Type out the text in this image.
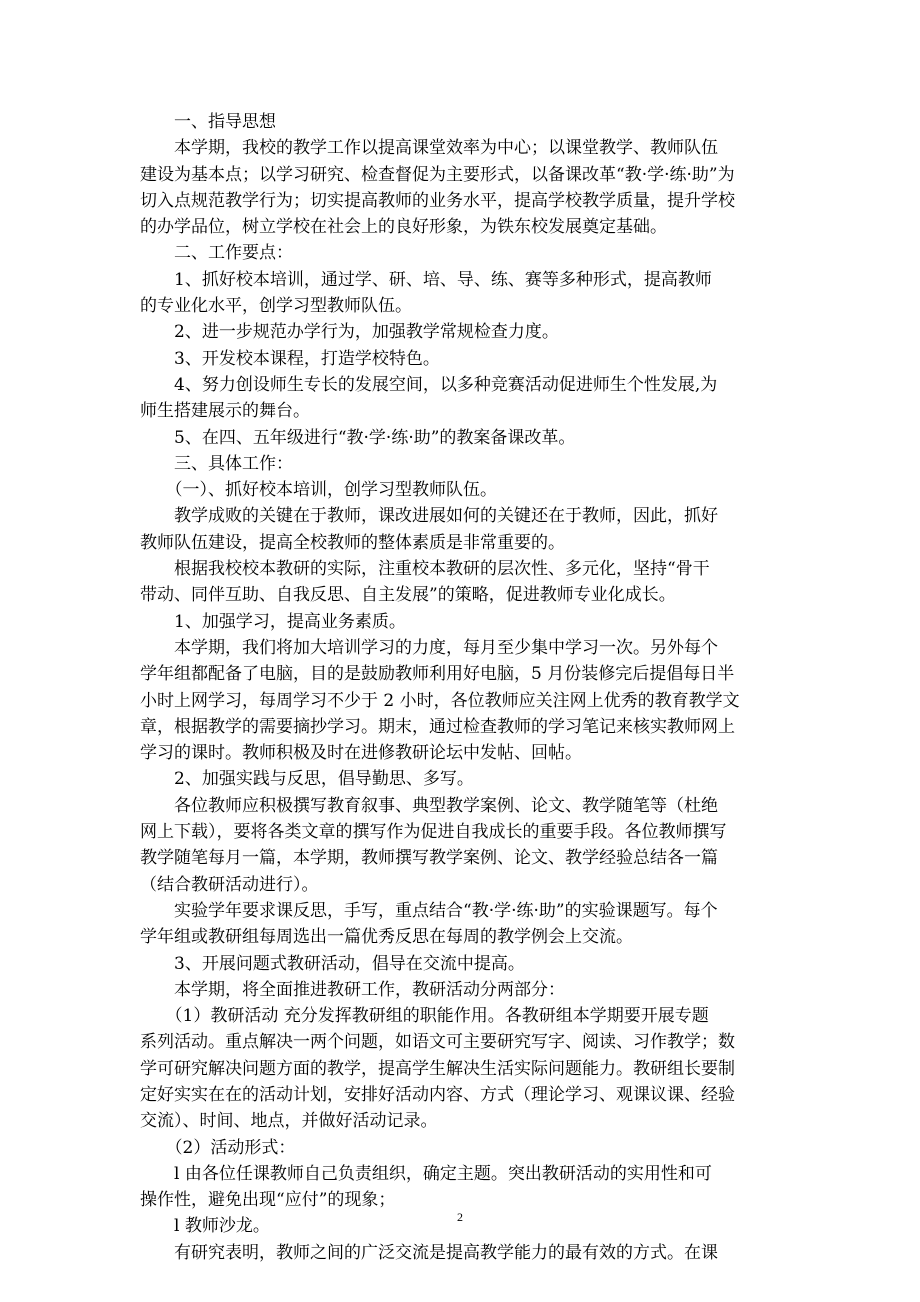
　　一、指导思想
　　本学期，我校的教学工作以提高课堂效率为中心；以课堂教学、教师队伍
建设为基本点；以学习研究、检查督促为主要形式，以备课改革“教·学·练·助”为
切入点规范教学行为；切实提高教师的业务水平，提高学校教学质量，提升学校
的办学品位，树立学校在社会上的良好形象，为铁东校发展奠定基础。
　　二、工作要点：
　　1、抓好校本培训，通过学、研、培、导、练、赛等多种形式，提高教师
的专业化水平，创学习型教师队伍。
　　2、进一步规范办学行为，加强教学常规检查力度。
　　3、开发校本课程，打造学校特色。
　　4、努力创设师生专长的发展空间，以多种竞赛活动促进师生个性发展,为
师生搭建展示的舞台。
　　5、在四、五年级进行“教·学·练·助”的教案备课改革。
　　三、具体工作：
　　（一）、抓好校本培训，创学习型教师队伍。
　　教学成败的关键在于教师，课改进展如何的关键还在于教师，因此，抓好
教师队伍建设，提高全校教师的整体素质是非常重要的。
　　根据我校校本教研的实际，注重校本教研的层次性、多元化，坚持“骨干
带动、同伴互助、自我反思、自主发展”的策略，促进教师专业化成长。
　　1、加强学习，提高业务素质。
　　本学期，我们将加大培训学习的力度，每月至少集中学习一次。另外每个
学年组都配备了电脑，目的是鼓励教师利用好电脑，5 月份装修完后提倡每日半
小时上网学习，每周学习不少于 2 小时，各位教师应关注网上优秀的教育教学文
章，根据教学的需要摘抄学习。期末，通过检查教师的学习笔记来核实教师网上
学习的课时。教师积极及时在进修教研论坛中发帖、回帖。
　　2、加强实践与反思，倡导勤思、多写。
　　各位教师应积极撰写教育叙事、典型教学案例、论文、教学随笔等（杜绝
网上下载），要将各类文章的撰写作为促进自我成长的重要手段。各位教师撰写
教学随笔每月一篇，本学期，教师撰写教学案例、论文、教学经验总结各一篇
（结合教研活动进行）。
　　实验学年要求课反思，手写，重点结合“教·学·练·助”的实验课题写。每个
学年组或教研组每周选出一篇优秀反思在每周的教学例会上交流。
　　3、开展问题式教研活动，倡导在交流中提高。
　　本学期，将全面推进教研工作，教研活动分两部分：
　　（1）教研活动 充分发挥教研组的职能作用。各教研组本学期要开展专题
系列活动。重点解决一两个问题，如语文可主要研究写字、阅读、习作教学；数
学可研究解决问题方面的教学，提高学生解决生活实际问题能力。教研组长要制
定好实实在在的活动计划，安排好活动内容、方式（理论学习、观课议课、经验
交流）、时间、地点，并做好活动记录。
　　（2）活动形式：
　　l 由各位任课教师自己负责组织，确定主题。突出教研活动的实用性和可
操作性，避免出现“应付”的现象；
　　l 教师沙龙。
　　有研究表明，教师之间的广泛交流是提高教学能力的最有效的方式。在课
2
